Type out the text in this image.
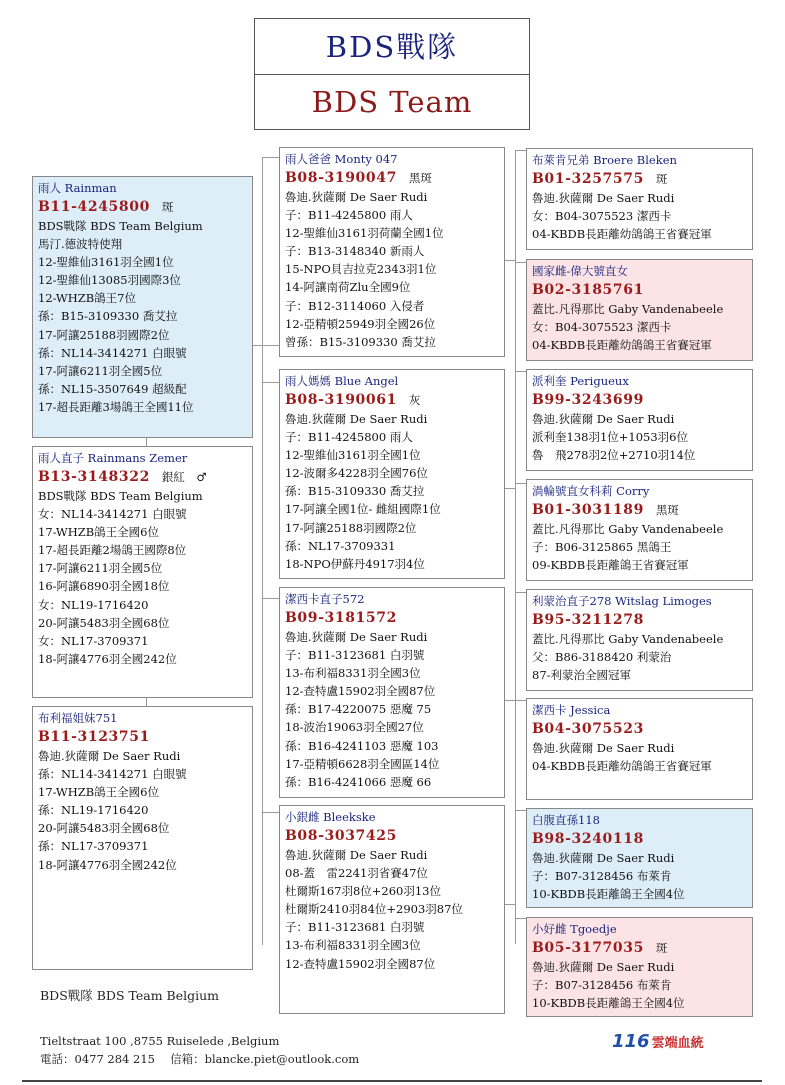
BDS戰隊
BDS Team
雨人 Rainman
B11-4245800 斑
BDS戰隊 BDS Team Belgium
馬汀.德波特使翔
12-聖維仙3161羽全國1位
12-聖維仙13085羽國際3位
12-WHZB鴿王7位
孫：B15-3109330 喬艾拉
17-阿讓25188羽國際2位
孫：NL14-3414271 白眼號
17-阿讓6211羽全國5位
孫：NL15-3507649 超級配
17-超長距離3場鴿王全國11位
雨人直子 Rainmans Zemer
B13-3148322 銀紅　♂
BDS戰隊 BDS Team Belgium
女：NL14-3414271 白眼號
17-WHZB鴿王全國6位
17-超長距離2場鴿王國際8位
17-阿讓6211羽全國5位
16-阿讓6890羽全國18位
女：NL19-1716420
20-阿讓5483羽全國68位
女：NL17-3709371
18-阿讓4776羽全國242位
布利福姐妹751
B11-3123751
魯迪.狄薩爾 De Saer Rudi
孫：NL14-3414271 白眼號
17-WHZB鴿王全國6位
孫：NL19-1716420
20-阿讓5483羽全國68位
孫：NL17-3709371
18-阿讓4776羽全國242位
雨人爸爸 Monty 047
B08-3190047 黑斑
魯迪.狄薩爾 De Saer Rudi
子：B11-4245800 雨人
12-聖維仙3161羽荷蘭全國1位
子：B13-3148340 新雨人
15-NPO貝吉拉克2343羽1位
14-阿讓南荷Zlu全國9位
子：B12-3114060 入侵者
12-亞精頓25949羽全國26位
曾孫：B15-3109330 喬艾拉
雨人媽媽 Blue Angel
B08-3190061 灰
魯迪.狄薩爾 De Saer Rudi
子：B11-4245800 雨人
12-聖維仙3161羽全國1位
12-波爾多4228羽全國76位
孫：B15-3109330 喬艾拉
17-阿讓全國1位- 雌組國際1位
17-阿讓25188羽國際2位
孫：NL17-3709331
18-NPO伊蘇丹4917羽4位
潔西卡直子572
B09-3181572
魯迪.狄薩爾 De Saer Rudi
子：B11-3123681 白羽號
13-布利福8331羽全國3位
12-查特盧15902羽全國87位
孫：B17-4220075 惡魔 75
18-波治19063羽全國27位
孫：B16-4241103 惡魔 103
17-亞精頓6628羽全國區14位
孫：B16-4241066 惡魔 66
小銀雌 Bleekske
B08-3037425
魯迪.狄薩爾 De Saer Rudi
08-蓋　雷2241羽省賽47位
杜爾斯167羽8位+260羽13位
杜爾斯2410羽84位+2903羽87位
子：B11-3123681 白羽號
13-布利福8331羽全國3位
12-查特盧15902羽全國87位
布萊肯兄弟 Broere Bleken
B01-3257575 斑
魯迪.狄薩爾 De Saer Rudi
女：B04-3075523 潔西卡
04-KBDB長距離幼鴿鴿王省賽冠軍
國家雌-偉大號直女
B02-3185761
蓋比.凡得那比 Gaby Vandenabeele
女：B04-3075523 潔西卡
04-KBDB長距離幼鴿鴿王省賽冠軍
派利奎 Perigueux
B99-3243699
魯迪.狄薩爾 De Saer Rudi
派利奎138羽1位+1053羽6位
魯　飛278羽2位+2710羽14位
渦輪號直女科莉 Corry
B01-3031189 黑斑
蓋比.凡得那比 Gaby Vandenabeele
子：B06-3125865 黑鴿王
09-KBDB長距離鴿王省賽冠軍
利蒙治直子278 Witslag Limoges
B95-3211278
蓋比.凡得那比 Gaby Vandenabeele
父：B86-3188420 利蒙治
87-利蒙治全國冠軍
潔西卡 Jessica
B04-3075523
魯迪.狄薩爾 De Saer Rudi
04-KBDB長距離幼鴿鴿王省賽冠軍
白腹直孫118
B98-3240118
魯迪.狄薩爾 De Saer Rudi
子：B07-3128456 布萊肯
10-KBDB長距離鴿王全國4位
小好雌 Tgoedje
B05-3177035 斑
魯迪.狄薩爾 De Saer Rudi
子：B07-3128456 布萊肯
10-KBDB長距離鴿王全國4位
BDS戰隊 BDS Team Belgium
Tieltstraat 100 ,8755 Ruiselede ,Belgium
電話：0477 284 215　 信箱：blancke.piet@outlook.com
116 雲端血統
